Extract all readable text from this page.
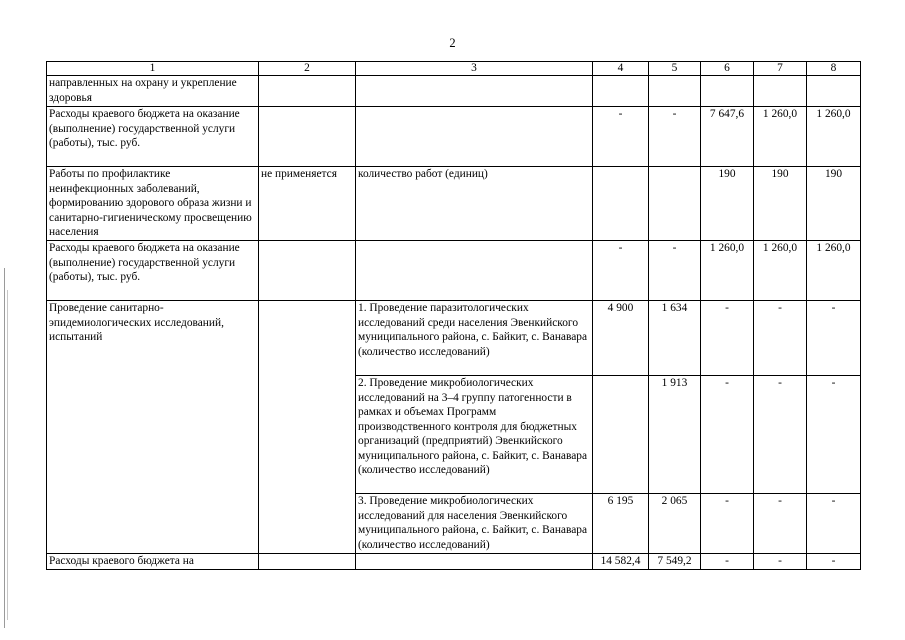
2
1	2	3	4	5	6	7	8
направленных на охрану и укрепление здоровья							
Расходы краевого бюджета на оказание (выполнение) государственной услуги (работы), тыс. руб.			-	-	7 647,6	1 260,0	1 260,0
Работы по профилактике неинфекционных заболеваний, формированию здорового образа жизни и санитарно-гигиеническому просвещению населения	не применяется	количество работ (единиц)			190	190	190
Расходы краевого бюджета на оказание (выполнение) государственной услуги (работы), тыс. руб.			-	-	1 260,0	1 260,0	1 260,0
Проведение санитарно-эпидемиологических исследований, испытаний		1. Проведение паразитологических исследований среди населения Эвенкийского муниципального района, с. Байкит, с. Ванавара (количество исследований)	4 900	1 634	-	-	-
		2. Проведение микробиологических исследований на 3–4 группу патогенности в рамках и объемах Программ производственного контроля для бюджетных организаций (предприятий) Эвенкийского муниципального района, с. Байкит, с. Ванавара (количество исследований)		1 913	-	-	-
		3. Проведение микробиологических исследований для населения Эвенкийского муниципального района, с. Байкит, с. Ванавара (количество исследований)	6 195	2 065	-	-	-
Расходы краевого бюджета на			14 582,4	7 549,2	-	-	-
